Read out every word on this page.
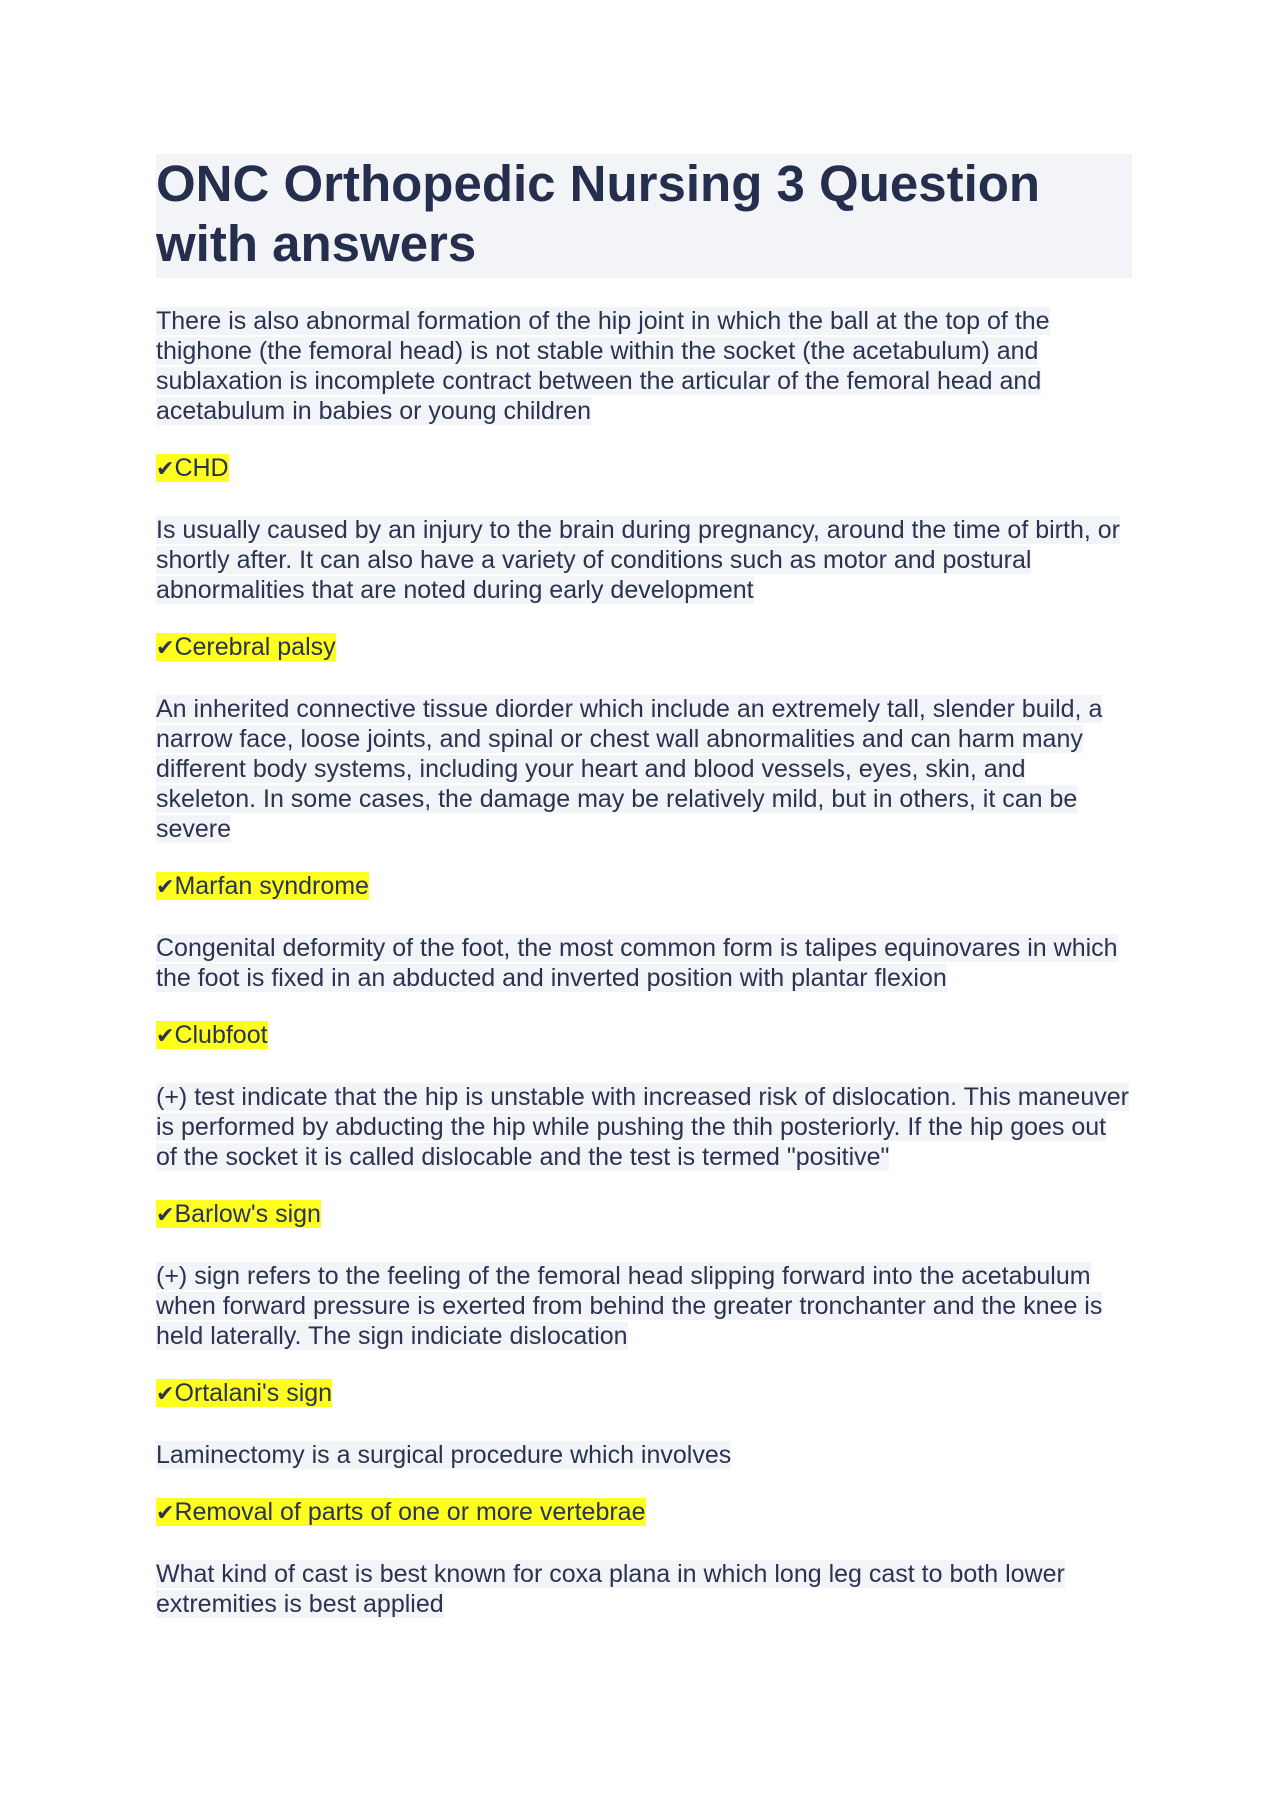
ONC Orthopedic Nursing 3 Question with answers

There is also abnormal formation of the hip joint in which the ball at the top of the thighone (the femoral head) is not stable within the socket (the acetabulum) and sublaxation is incomplete contract between the articular of the femoral head and acetabulum in babies or young children

✔CHD

Is usually caused by an injury to the brain during pregnancy, around the time of birth, or shortly after. It can also have a variety of conditions such as motor and postural abnormalities that are noted during early development

✔Cerebral palsy

An inherited connective tissue diorder which include an extremely tall, slender build, a narrow face, loose joints, and spinal or chest wall abnormalities and can harm many different body systems, including your heart and blood vessels, eyes, skin, and skeleton. In some cases, the damage may be relatively mild, but in others, it can be severe

✔Marfan syndrome

Congenital deformity of the foot, the most common form is talipes equinovares in which the foot is fixed in an abducted and inverted position with plantar flexion

✔Clubfoot

(+) test indicate that the hip is unstable with increased risk of dislocation. This maneuver is performed by abducting the hip while pushing the thih posteriorly. If the hip goes out of the socket it is called dislocable and the test is termed "positive"

✔Barlow's sign

(+) sign refers to the feeling of the femoral head slipping forward into the acetabulum when forward pressure is exerted from behind the greater tronchanter and the knee is held laterally. The sign indiciate dislocation

✔Ortalani's sign

Laminectomy is a surgical procedure which involves

✔Removal of parts of one or more vertebrae

What kind of cast is best known for coxa plana in which long leg cast to both lower extremities is best applied
